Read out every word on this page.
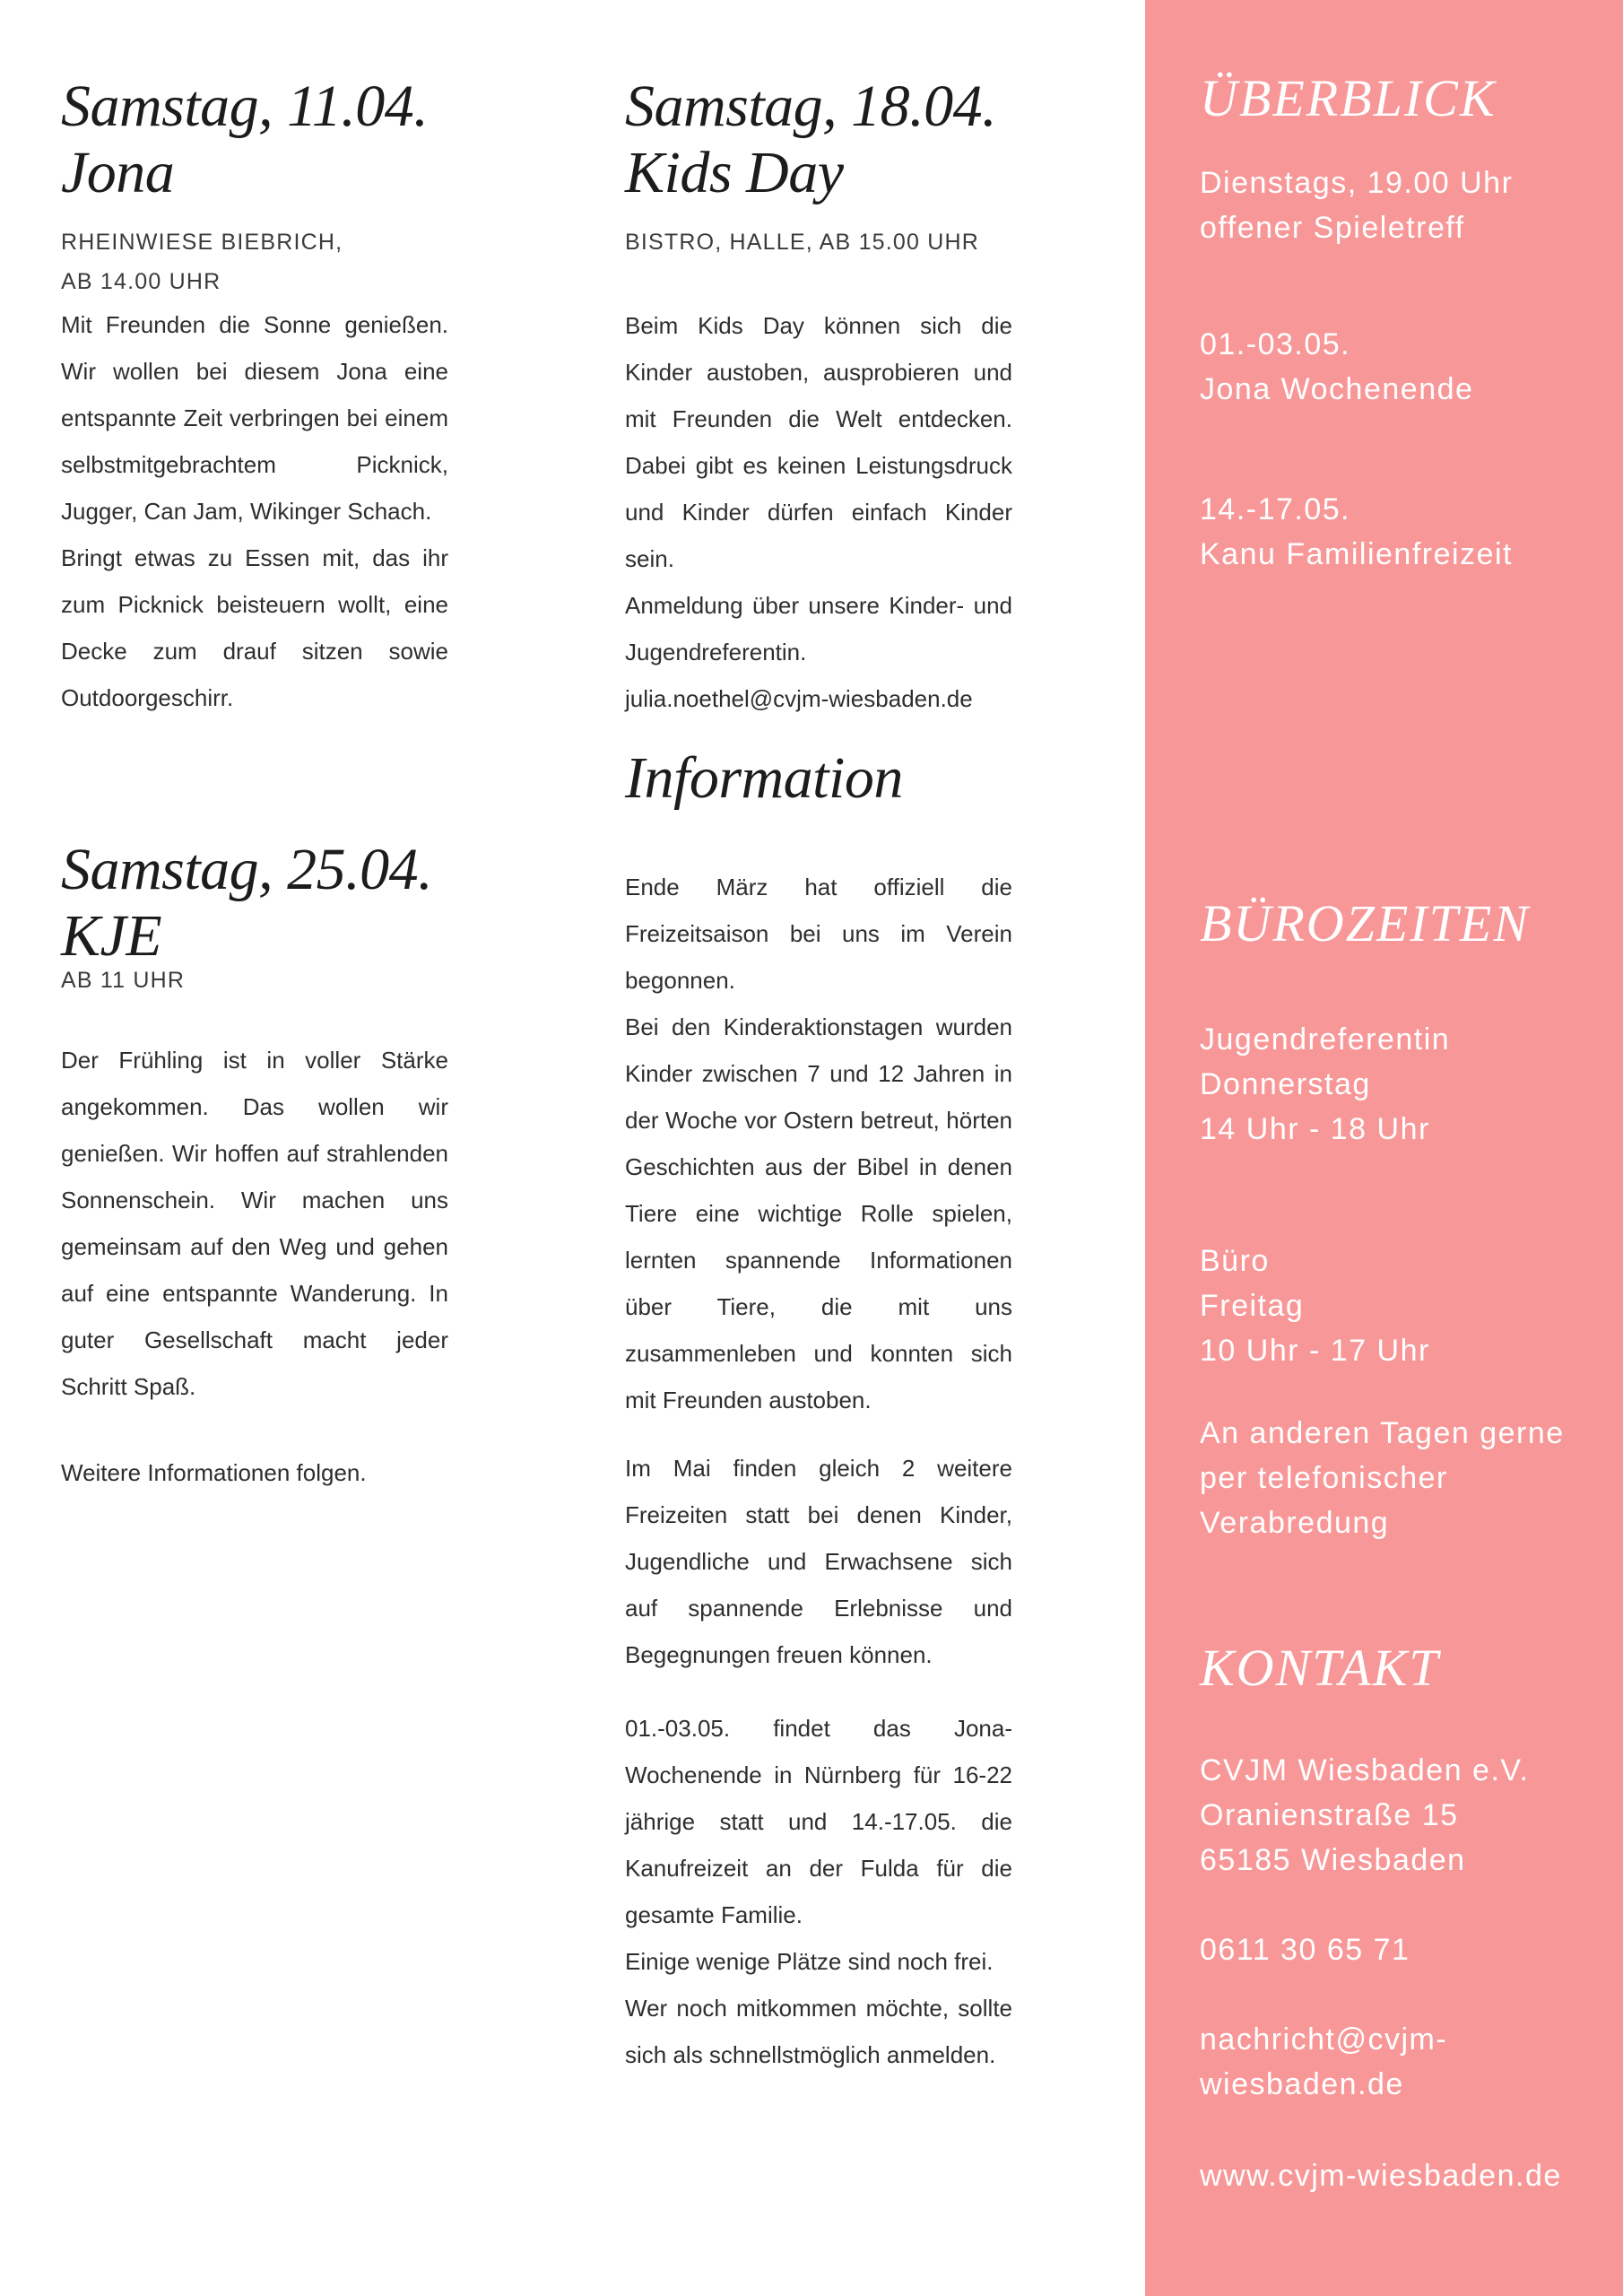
Samstag, 11.04.
Jona
RHEINWIESE BIEBRICH,
AB 14.00 UHR

Mit Freunden die Sonne genießen. Wir wollen bei diesem Jona eine entspannte Zeit verbringen bei einem selbstmitgebrachtem Picknick, Jugger, Can Jam, Wikinger Schach.

Bringt etwas zu Essen mit, das ihr zum Picknick beisteuern wollt, eine Decke zum drauf sitzen sowie Outdoorgeschirr.

Samstag, 25.04.
KJE
AB 11 UHR

Der Frühling ist in voller Stärke angekommen. Das wollen wir genießen. Wir hoffen auf strahlenden Sonnenschein. Wir machen uns gemeinsam auf den Weg und gehen auf eine entspannte Wanderung. In guter Gesellschaft macht jeder Schritt Spaß.

Weitere Informationen folgen.

Samstag, 18.04.
Kids Day
BISTRO, HALLE, AB 15.00 UHR

Beim Kids Day können sich die Kinder austoben, ausprobieren und mit Freunden die Welt entdecken. Dabei gibt es keinen Leistungsdruck und Kinder dürfen einfach Kinder sein.

Anmeldung über unsere Kinder- und Jugendreferentin.

julia.noethel@cvjm-wiesbaden.de

Information

Ende März hat offiziell die Freizeitsaison bei uns im Verein begonnen.

Bei den Kinderaktionstagen wurden Kinder zwischen 7 und 12 Jahren in der Woche vor Ostern betreut, hörten Geschichten aus der Bibel in denen Tiere eine wichtige Rolle spielen, lernten spannende Informationen über Tiere, die mit uns zusammenleben und konnten sich mit Freunden austoben.

Im Mai finden gleich 2 weitere Freizeiten statt bei denen Kinder, Jugendliche und Erwachsene sich auf spannende Erlebnisse und Begegnungen freuen können.

01.-03.05. findet das Jona-Wochenende in Nürnberg für 16-22 jährige statt und 14.-17.05. die Kanufreizeit an der Fulda für die gesamte Familie.

Einige wenige Plätze sind noch frei.

Wer noch mitkommen möchte, sollte sich als schnellstmöglich anmelden.

ÜBERBLICK
Dienstags, 19.00 Uhr
offener Spieletreff
01.-03.05.
Jona Wochenende
14.-17.05.
Kanu Familienfreizeit
BÜROZEITEN
Jugendreferentin
Donnerstag
14 Uhr - 18 Uhr
Büro
Freitag
10 Uhr - 17 Uhr
An anderen Tagen gerne
per telefonischer
Verabredung
KONTAKT
CVJM Wiesbaden e.V.
Oranienstraße 15
65185 Wiesbaden
0611 30 65 71
nachricht@cvjm-wiesbaden.de
www.cvjm-wiesbaden.de
